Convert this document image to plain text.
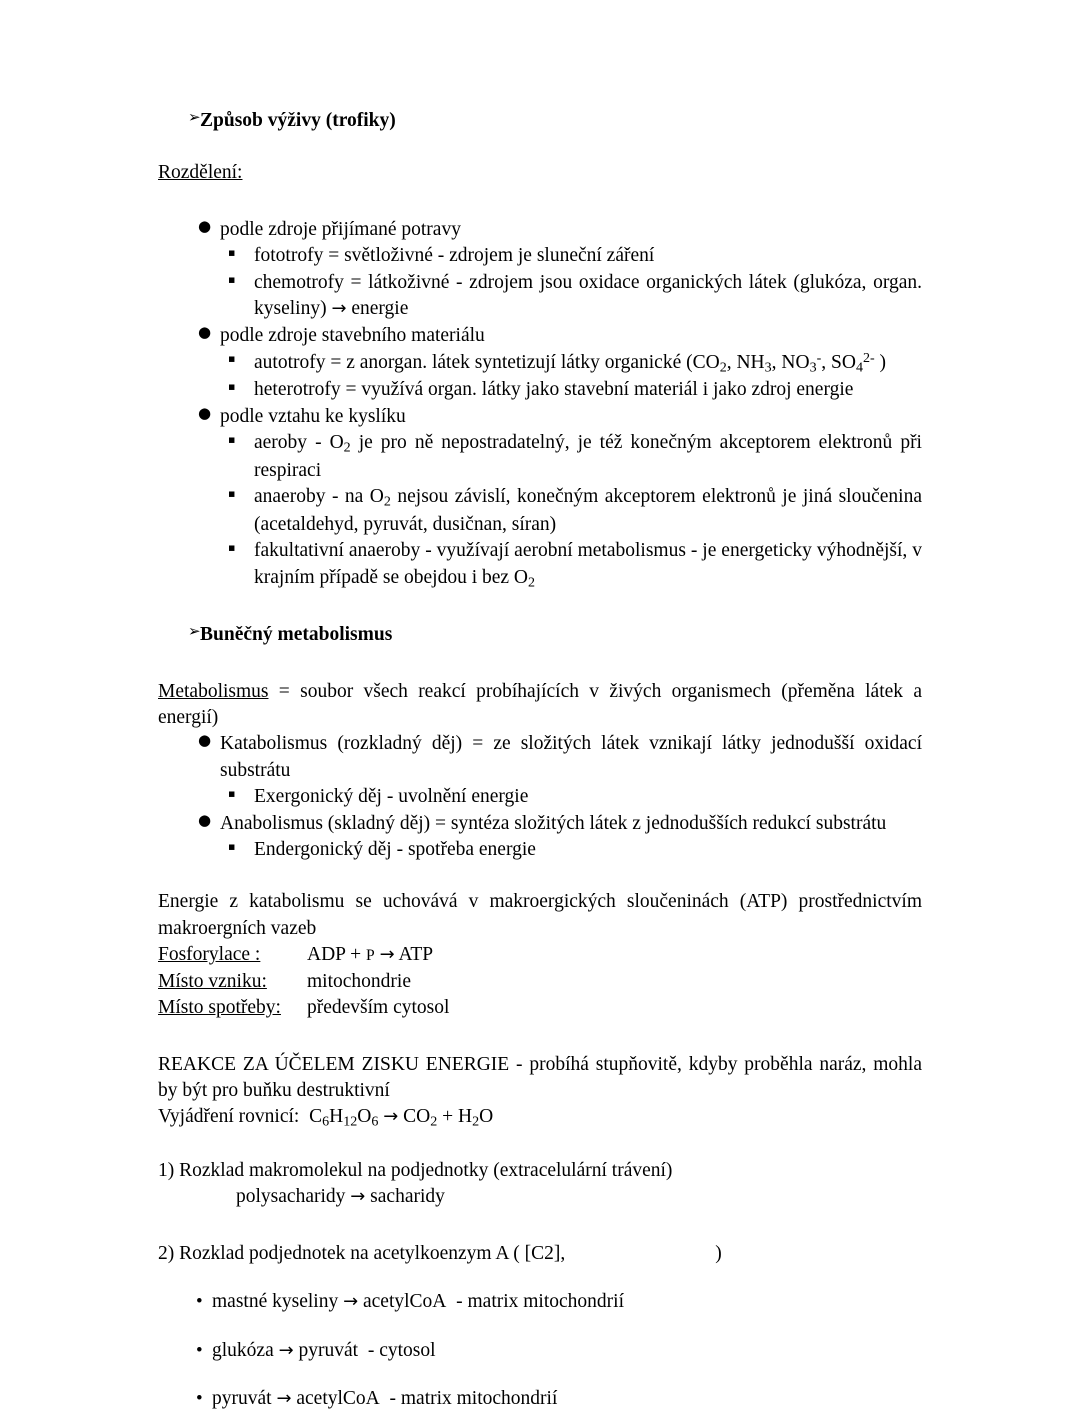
➢ Způsob výživy (trofiky)

Rozdělení:

● podle zdroje přijímané potravy
▪ fototrofy = světloživné - zdrojem je sluneční záření
▪ chemotrofy = látkoživné - zdrojem jsou oxidace organických látek (glukóza, organ. kyseliny) → energie
● podle zdroje stavebního materiálu
▪ autotrofy = z anorgan. látek syntetizují látky organické ($CO_2$, $NH_3$, $NO_3^-$, $SO_4^{2-}$ )
▪ heterotrofy = využívá organ. látky jako stavební materiál i jako zdroj energie
● podle vztahu ke kyslíku
▪ aeroby - $O_2$ je pro ně nepostradatelný, je též konečným akceptorem elektronů při respiraci
▪ anaeroby - na $O_2$ nejsou závislí, konečným akceptorem elektronů je jiná sloučenina (acetaldehyd, pyruvát, dusičnan, síran)
▪ fakultativní anaeroby - využívají aerobní metabolismus - je energeticky výhodnější, v krajním případě se obejdou i bez $O_2$
➢ Buněčný metabolismus

Metabolismus = soubor všech reakcí probíhajících v živých organismech (přeměna látek a energií)

● Katabolismus (rozkladný děj) = ze složitých látek vznikají látky jednodušší oxidací substrátu
▪ Exergonický děj - uvolnění energie
● Anabolismus (skladný děj) = syntéza složitých látek z jednodušších redukcí substrátu
▪ Endergonický děj - spotřeba energie

Energie z katabolismu se uchovává v makroergických sloučeninách (ATP) prostřednictvím makroergních vazeb

Fosforylace : ADP + P → ATP

Místo vzniku: mitochondrie

Místo spotřeby: především cytosol

REAKCE ZA ÚČELEM ZISKU ENERGIE - probíhá stupňovitě, kdyby proběhla naráz, mohla by být pro buňku destruktivní

Vyjádření rovnicí: $C_6H_{12}O_6 \to CO_2 + H_2O$

1) Rozklad makromolekul na podjednotky (extracelulární trávení)

polysacharidy → sacharidy

2) Rozklad podjednotek na acetylkoenzym A ( [C2],	)

• mastné kyseliny → acetylCoA  - matrix mitochondrií

• glukóza → pyruvát  - cytosol

• pyruvát → acetylCoA  - matrix mitochondrií
